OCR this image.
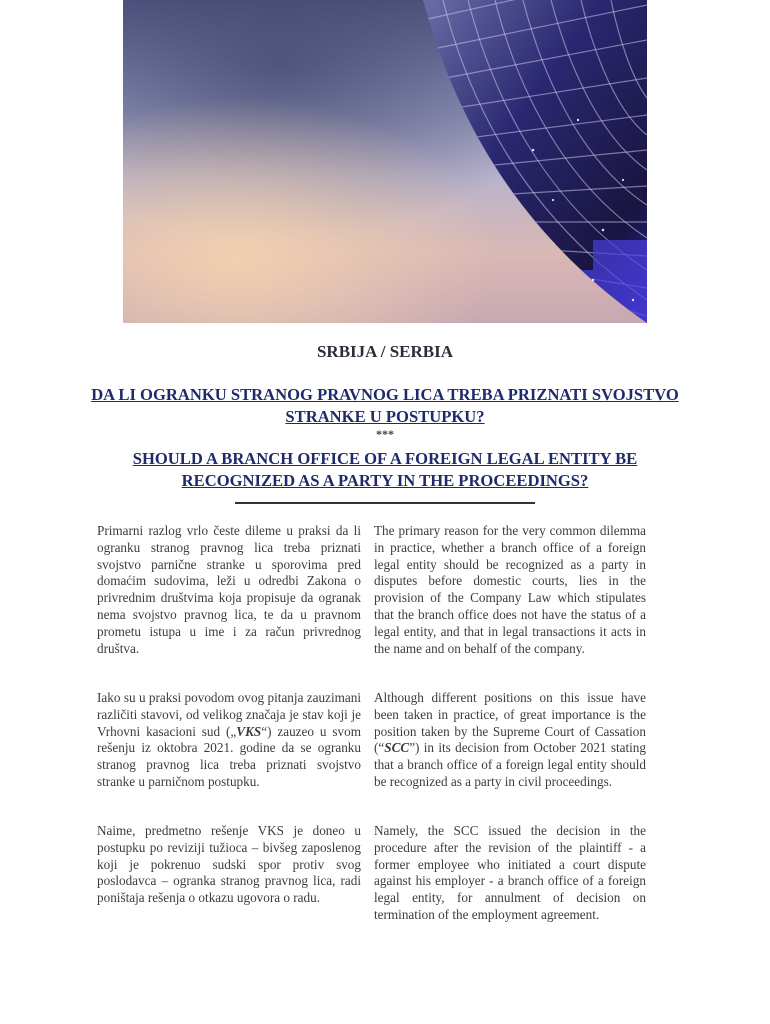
SRBIJA / SERBIA
DA LI OGRANKU STRANOG PRAVNOG LICA TREBA PRIZNATI SVOJSTVO STRANKE U POSTUPKU?
***
SHOULD A BRANCH OFFICE OF A FOREIGN LEGAL ENTITY BE RECOGNIZED AS A PARTY IN THE PROCEEDINGS?

Primarni razlog vrlo česte dileme u praksi da li ogranku stranog pravnog lica treba priznati svojstvo parnične stranke u sporovima pred domaćim sudovima, leži u odredbi Zakona o privrednim društvima koja propisuje da ogranak nema svojstvo pravnog lica, te da u pravnom prometu istupa u ime i za račun privrednog društva.

Iako su u praksi povodom ovog pitanja zauzimani različiti stavovi, od velikog značaja je stav koji je Vrhovni kasacioni sud („VKS“) zauzeo u svom rešenju iz oktobra 2021. godine da se ogranku stranog pravnog lica treba priznati svojstvo stranke u parničnom postupku.

Naime, predmetno rešenje VKS je doneo u postupku po reviziji tužioca – bivšeg zaposlenog koji je pokrenuo sudski spor protiv svog poslodavca – ogranka stranog pravnog lica, radi poništaja rešenja o otkazu ugovora o radu.

The primary reason for the very common dilemma in practice, whether a branch office of a foreign legal entity should be recognized as a party in disputes before domestic courts, lies in the provision of the Company Law which stipulates that the branch office does not have the status of a legal entity, and that in legal transactions it acts in the name and on behalf of the company.

Although different positions on this issue have been taken in practice, of great importance is the position taken by the Supreme Court of Cassation (“SCC”) in its decision from October 2021 stating that a branch office of a foreign legal entity should be recognized as a party in civil proceedings.

Namely, the SCC issued the decision in the procedure after the revision of the plaintiff - a former employee who initiated a court dispute against his employer - a branch office of a foreign legal entity, for annulment of decision on termination of the employment agreement.
